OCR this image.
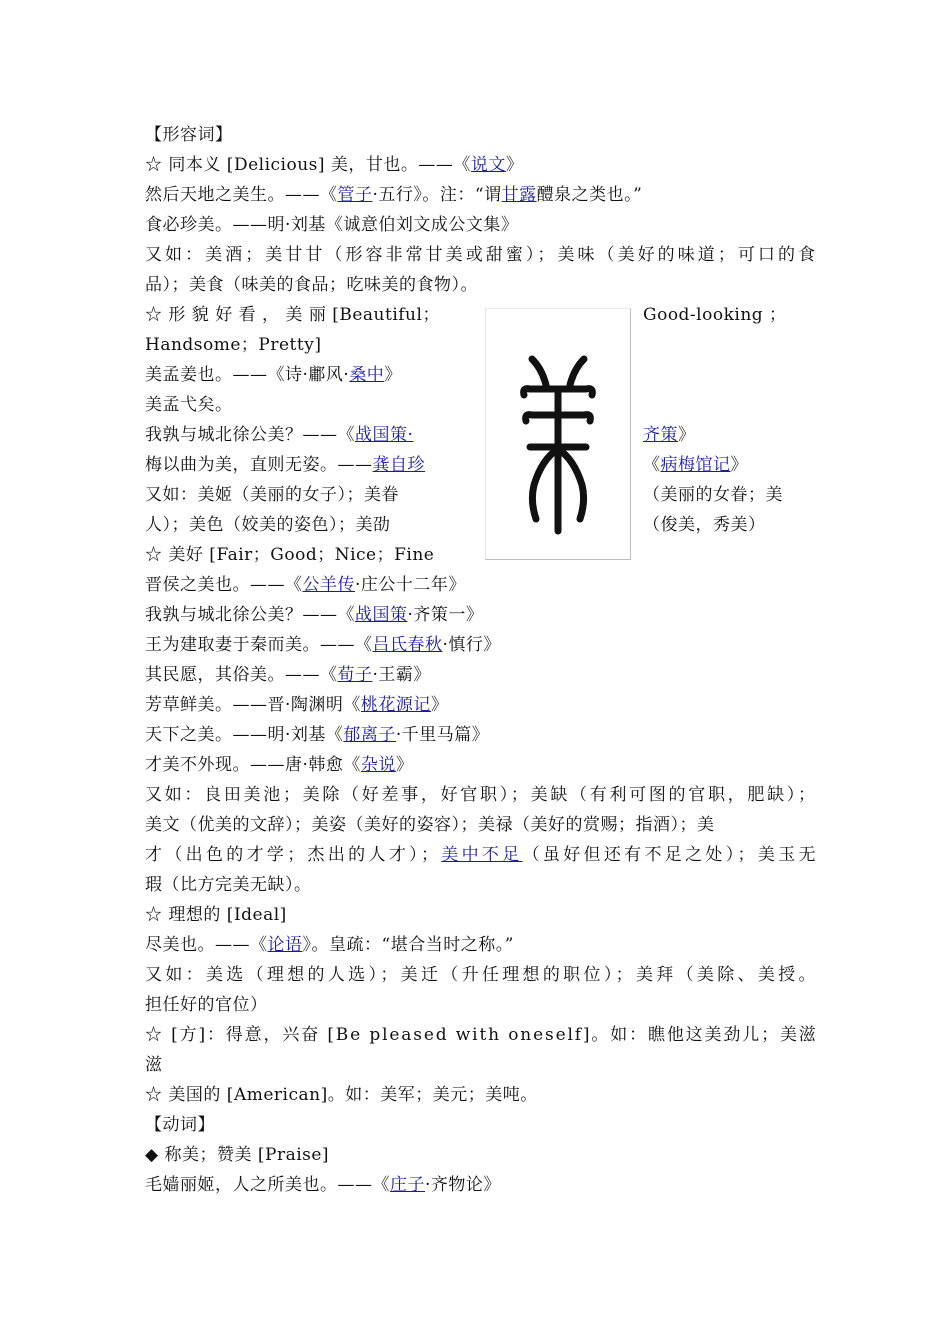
【形容词】
☆ 同本义 [Delicious] 美，甘也。——《说文》
然后天地之美生。——《管子·五行》。注：“谓甘露醴泉之类也。”
食必珍美。——明·刘基《诚意伯刘文成公文集》
又如：美酒；美甘甘（形容非常甘美或甜蜜）；美味（美好的味道；可口的食
品）；美食（味美的食品；吃味美的食物）。
☆ 形 貌 好 看 ， 美 丽 [Beautiful；
Handsome；Pretty]
美孟姜也。——《诗·鄘风·桑中》
美孟弋矣。
我孰与城北徐公美？——《战国策·
梅以曲为美，直则无姿。——龚自珍
又如：美姬（美丽的女子）；美眷
人）；美色（姣美的姿色）；美劭
☆ 美好 [Fair；Good；Nice；Fine
晋侯之美也。——《公羊传·庄公十二年》
我孰与城北徐公美？——《战国策·齐策一》
王为建取妻于秦而美。——《吕氏春秋·慎行》
其民愿，其俗美。——《荀子·王霸》
芳草鲜美。——晋·陶渊明《桃花源记》
天下之美。——明·刘基《郁离子·千里马篇》
才美不外现。——唐·韩愈《杂说》
又如：良田美池；美除（好差事，好官职）；美缺（有利可图的官职，肥缺）；
美文（优美的文辞）；美姿（美好的姿容）；美禄（美好的赏赐；指酒）；美
才（出色的才学；杰出的人才）；美中不足（虽好但还有不足之处）；美玉无
瑕（比方完美无缺）。
☆ 理想的 [Ideal]
尽美也。——《论语》。皇疏：“堪合当时之称。”
又如：美选（理想的人选）；美迁（升任理想的职位）；美拜（美除、美授。
担任好的官位）
☆ [方]：得意，兴奋 [Be pleased with oneself]。如：瞧他这美劲儿；美滋
滋
☆ 美国的 [American]。如：美军；美元；美吨。
【动词】
◆ 称美；赞美 [Praise]
毛嫱丽姬，人之所美也。——《庄子·齐物论》
Good-looking ；
齐策》
《病梅馆记》
（美丽的女眷；美
（俊美，秀美）
